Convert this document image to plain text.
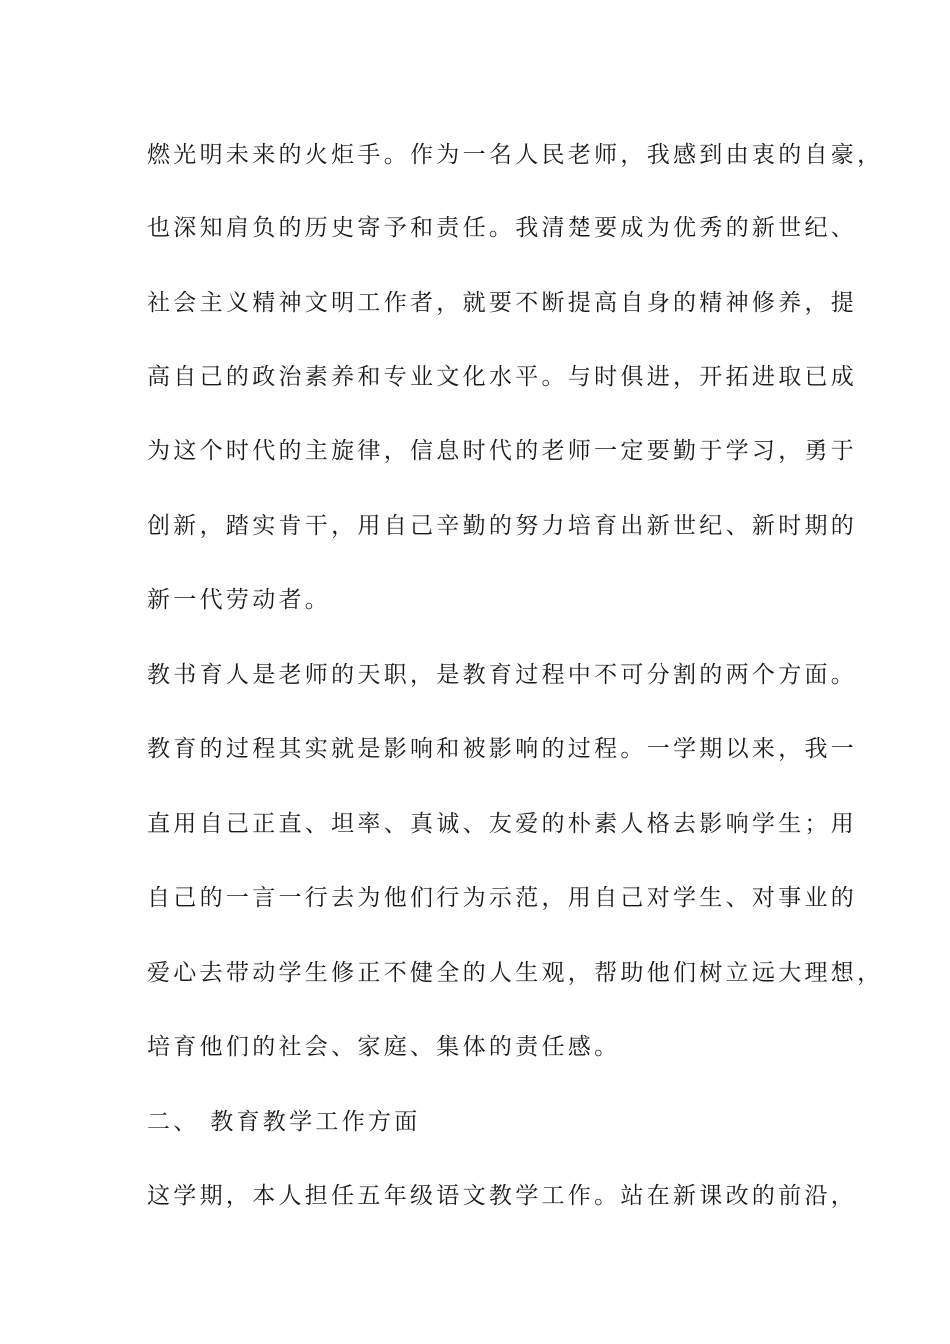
燃光明未来的火炬手。作为一名人民老师，我感到由衷的自豪，
也深知肩负的历史寄予和责任。我清楚要成为优秀的新世纪、
社会主义精神文明工作者，就要不断提高自身的精神修养，提
高自己的政治素养和专业文化水平。与时俱进，开拓进取已成
为这个时代的主旋律，信息时代的老师一定要勤于学习，勇于
创新，踏实肯干，用自己辛勤的努力培育出新世纪、新时期的
新一代劳动者。
教书育人是老师的天职，是教育过程中不可分割的两个方面。
教育的过程其实就是影响和被影响的过程。一学期以来，我一
直用自己正直、坦率、真诚、友爱的朴素人格去影响学生；用
自己的一言一行去为他们行为示范，用自己对学生、对事业的
爱心去带动学生修正不健全的人生观，帮助他们树立远大理想，
培育他们的社会、家庭、集体的责任感。
二、 教育教学工作方面
这学期，本人担任五年级语文教学工作。站在新课改的前沿，
